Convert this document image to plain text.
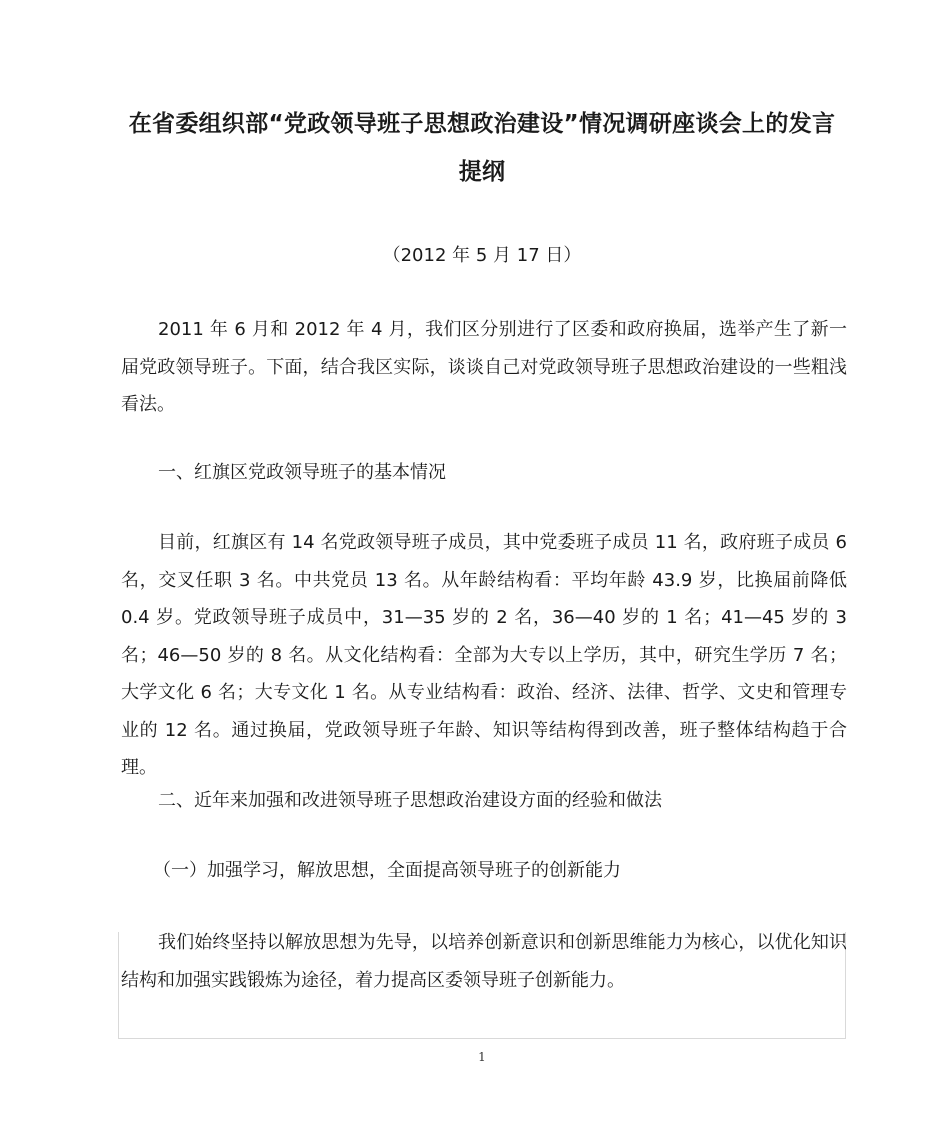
在省委组织部“党政领导班子思想政治建设”情况调研座谈会上的发言提纲
（2012 年 5 月 17 日）

2011 年 6 月和 2012 年 4 月，我们区分别进行了区委和政府换届，选举产生了新一届党政领导班子。下面，结合我区实际，谈谈自己对党政领导班子思想政治建设的一些粗浅看法。

一、红旗区党政领导班子的基本情况

目前，红旗区有 14 名党政领导班子成员，其中党委班子成员 11 名，政府班子成员 6 名，交叉任职 3 名。中共党员 13 名。从年龄结构看：平均年龄 43.9 岁，比换届前降低 0.4 岁。党政领导班子成员中，31—35 岁的 2 名，36—40 岁的 1 名；41—45 岁的 3 名；46—50 岁的 8 名。从文化结构看：全部为大专以上学历，其中，研究生学历 7 名；大学文化 6 名；大专文化 1 名。从专业结构看：政治、经济、法律、哲学、文史和管理专业的 12 名。通过换届，党政领导班子年龄、知识等结构得到改善，班子整体结构趋于合理。

二、近年来加强和改进领导班子思想政治建设方面的经验和做法
（一）加强学习，解放思想，全面提高领导班子的创新能力

我们始终坚持以解放思想为先导，以培养创新意识和创新思维能力为核心，以优化知识结构和加强实践锻炼为途径，着力提高区委领导班子创新能力。

1
